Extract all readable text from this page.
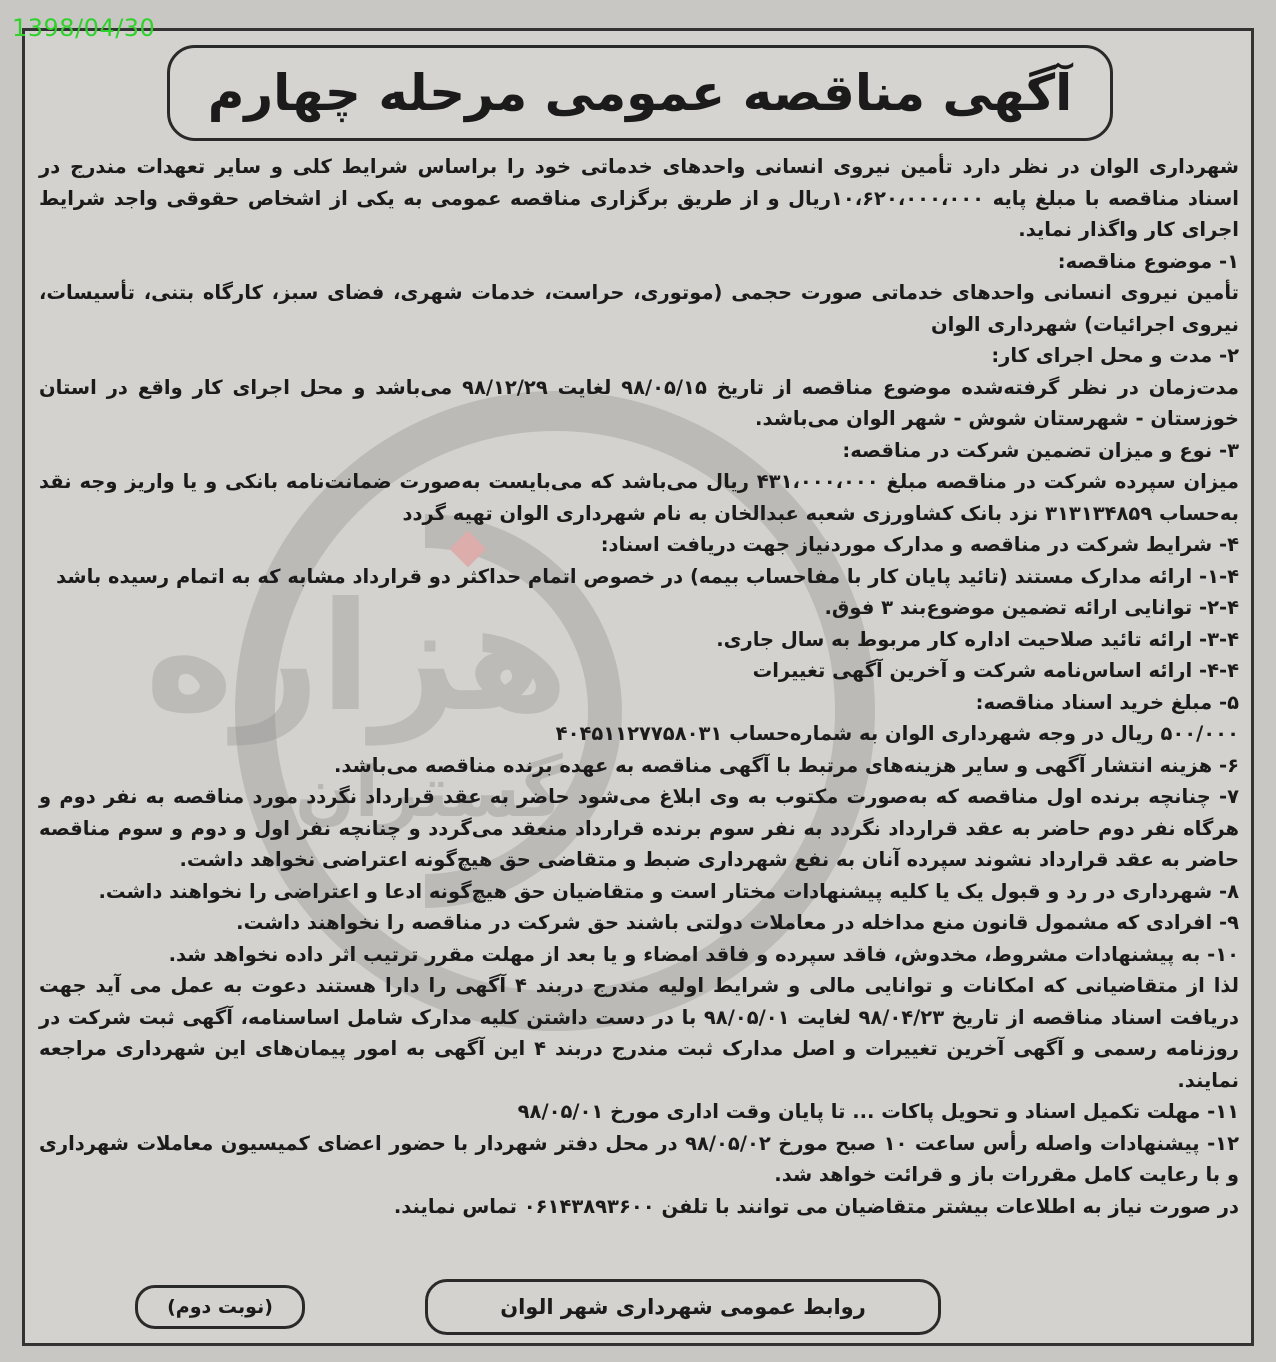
1398/04/30
آگهی مناقصه عمومی مرحله چهارم
گستران
هزاره

شهرداری الوان در نظر دارد تأمین نیروی انسانی واحدهای خدماتی خود را براساس شرایط کلی و سایر تعهدات مندرج در اسناد مناقصه با مبلغ پایه ۱۰،۶۲۰،۰۰۰،۰۰۰ریال و از طریق برگزاری مناقصه عمومی به یکی از اشخاص حقوقی واجد شرایط اجرای کار واگذار نماید.

۱- موضوع مناقصه:

تأمین نیروی انسانی واحدهای خدماتی صورت حجمی (موتوری، حراست، خدمات شهری، فضای سبز، کارگاه بتنی، تأسیسات، نیروی اجرائیات) شهرداری الوان

۲- مدت و محل اجرای کار:

مدت‌زمان در نظر گرفته‌شده موضوع مناقصه از تاریخ ۹۸/۰۵/۱۵ لغایت ۹۸/۱۲/۲۹ می‌باشد و محل اجرای کار واقع در استان خوزستان - شهرستان شوش - شهر الوان می‌باشد.

۳- نوع و میزان تضمین شرکت در مناقصه:

میزان سپرده شرکت در مناقصه مبلغ ۴۳۱،۰۰۰،۰۰۰ ریال می‌باشد که می‌بایست به‌صورت ضمانت‌نامه بانکی و یا واریز وجه نقد به‌حساب ۳۱۳۱۳۴۸۵۹ نزد بانک کشاورزی شعبه عبدالخان به نام شهرداری الوان تهیه گردد

۴- شرایط شرکت در مناقصه و مدارک موردنیاز جهت دریافت اسناد:

۱-۴- ارائه مدارک مستند (تائید پایان کار با مفاحساب بیمه) در خصوص اتمام حداکثر دو قرارداد مشابه که به اتمام رسیده باشد

۲-۴- توانایی ارائه تضمین موضوع‌بند ۳ فوق.

۳-۴- ارائه تائید صلاحیت اداره کار مربوط به سال جاری.

۴-۴- ارائه اساس‌نامه شرکت و آخرین آگهی تغییرات

۵- مبلغ خرید اسناد مناقصه:

۵۰۰/۰۰۰ ریال در وجه شهرداری الوان به شماره‌حساب ۴۰۴۵۱۱۲۷۷۵۸۰۳۱

۶- هزینه انتشار آگهی و سایر هزینه‌های مرتبط با آگهی مناقصه به عهده برنده مناقصه می‌باشد.

۷- چنانچه برنده اول مناقصه که به‌صورت مکتوب به وی ابلاغ می‌شود حاضر به عقد قرارداد نگردد مورد مناقصه به نفر دوم و هرگاه نفر دوم حاضر به عقد قرارداد نگردد به نفر سوم برنده قرارداد منعقد می‌گردد و چنانچه نفر اول و دوم و سوم مناقصه حاضر به عقد قرارداد نشوند سپرده آنان به نفع شهرداری ضبط و متقاضی حق هیچ‌گونه اعتراضی نخواهد داشت.

۸- شهرداری در رد و قبول یک یا کلیه پیشنهادات مختار است و متقاضیان حق هیچ‌گونه ادعا و اعتراضی را نخواهند داشت.

۹- افرادی که مشمول قانون منع مداخله در معاملات دولتی باشند حق شرکت در مناقصه را نخواهند داشت.

۱۰- به پیشنهادات مشروط، مخدوش، فاقد سپرده و فاقد امضاء و یا بعد از مهلت مقرر ترتیب اثر داده نخواهد شد.

لذا از متقاضیانی که امکانات و توانایی مالی و شرایط اولیه مندرج دربند ۴ آگهی را دارا هستند دعوت به عمل می آید جهت دریافت اسناد مناقصه از تاریخ ۹۸/۰۴/۲۳ لغایت ۹۸/۰۵/۰۱ با در دست داشتن کلیه مدارک شامل اساسنامه، آگهی ثبت شرکت در روزنامه رسمی و آگهی آخرین تغییرات و اصل مدارک ثبت مندرج دربند ۴ این آگهی به امور پیمان‌های این شهرداری مراجعه نمایند.

۱۱- مهلت تکمیل اسناد و تحویل پاکات ... تا پایان وقت اداری مورخ ۹۸/۰۵/۰۱

۱۲- پیشنهادات واصله رأس ساعت ۱۰ صبح مورخ ۹۸/۰۵/۰۲ در محل دفتر شهردار با حضور اعضای کمیسیون معاملات شهرداری و با رعایت کامل مقررات باز و قرائت خواهد شد.

در صورت نیاز به اطلاعات بیشتر متقاضیان می توانند با تلفن ۰۶۱۴۳۸۹۳۶۰۰ تماس نمایند.

(نوبت دوم)	روابط عمومی شهرداری شهر الوان
